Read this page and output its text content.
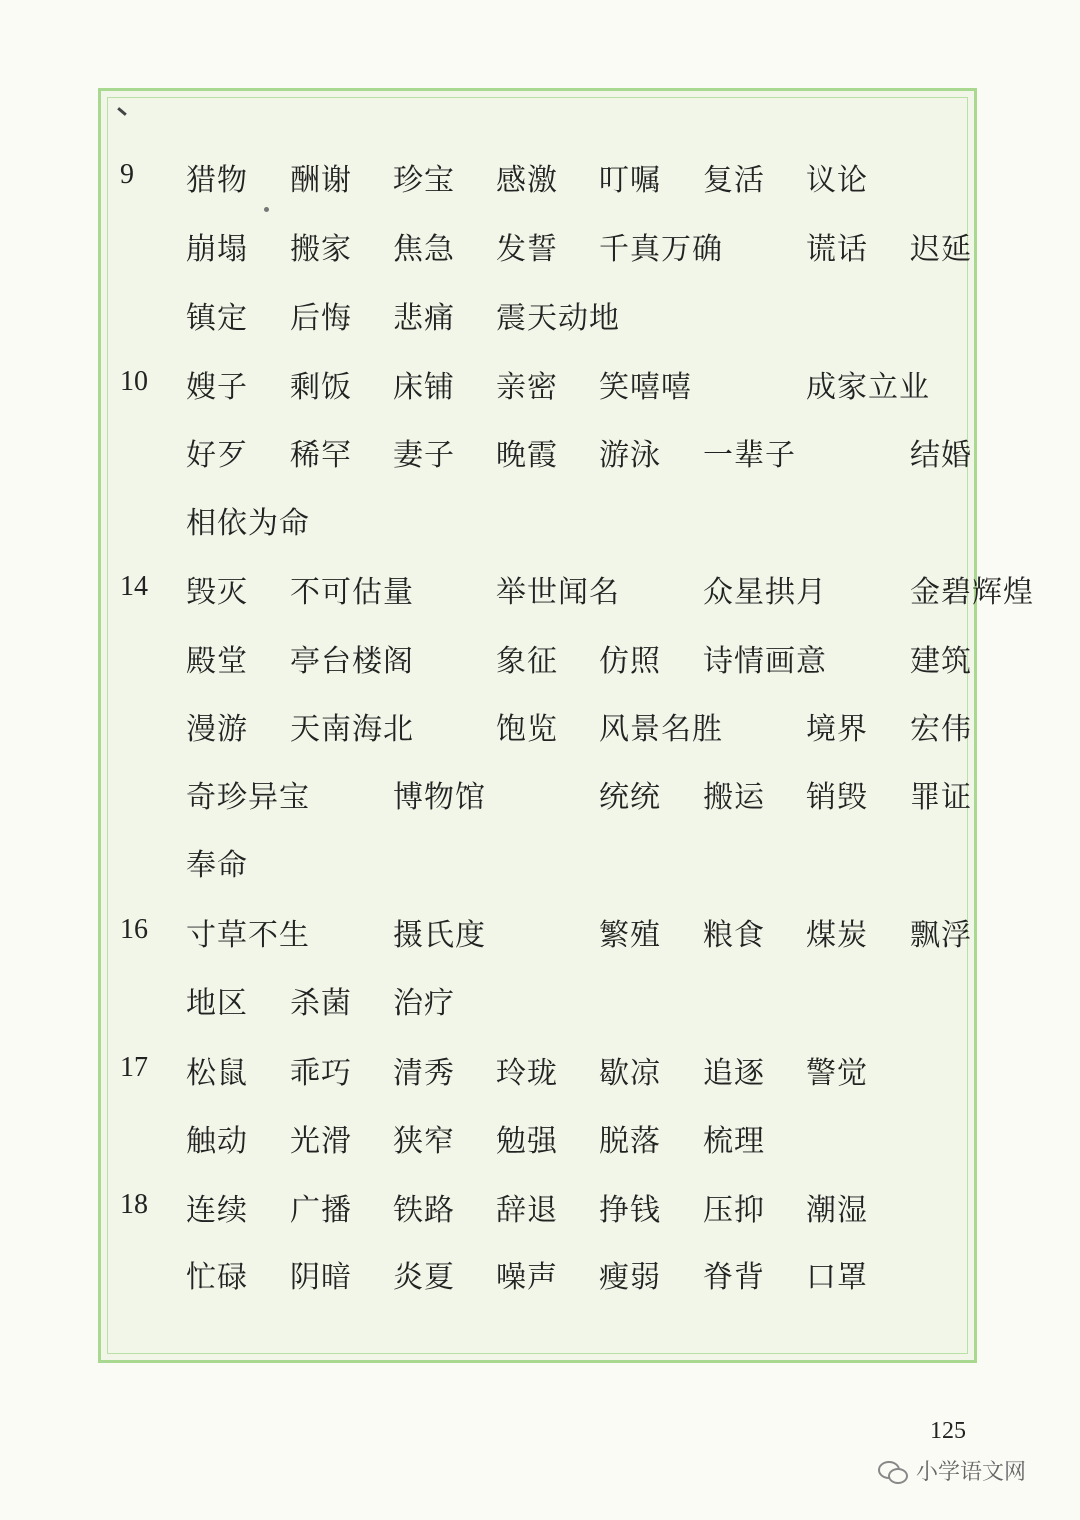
9	猎物 酬谢 珍宝 感激 叮嘱 复活 议论
崩塌 搬家 焦急 发誓 千真万确	谎话 迟延
镇定 后悔 悲痛 震天动地
10	嫂子 剩饭 床铺 亲密 笑嘻嘻	成家立业
好歹 稀罕 妻子 晚霞 游泳 一辈子	结婚
相依为命
14	毁灭 不可估量	举世闻名	众星拱月	金碧辉煌
殿堂 亭台楼阁	象征 仿照 诗情画意	建筑
漫游 天南海北	饱览 风景名胜	境界 宏伟
奇珍异宝	博物馆	统统 搬运 销毁 罪证
奉命
16	寸草不生	摄氏度	繁殖 粮食 煤炭 飘浮
地区 杀菌 治疗
17	松鼠 乖巧 清秀 玲珑 歇凉 追逐 警觉
触动 光滑 狭窄 勉强 脱落 梳理
18	连续 广播 铁路 辞退 挣钱 压抑 潮湿
忙碌 阴暗 炎夏 噪声 瘦弱 脊背 口罩
125
小学语文网
